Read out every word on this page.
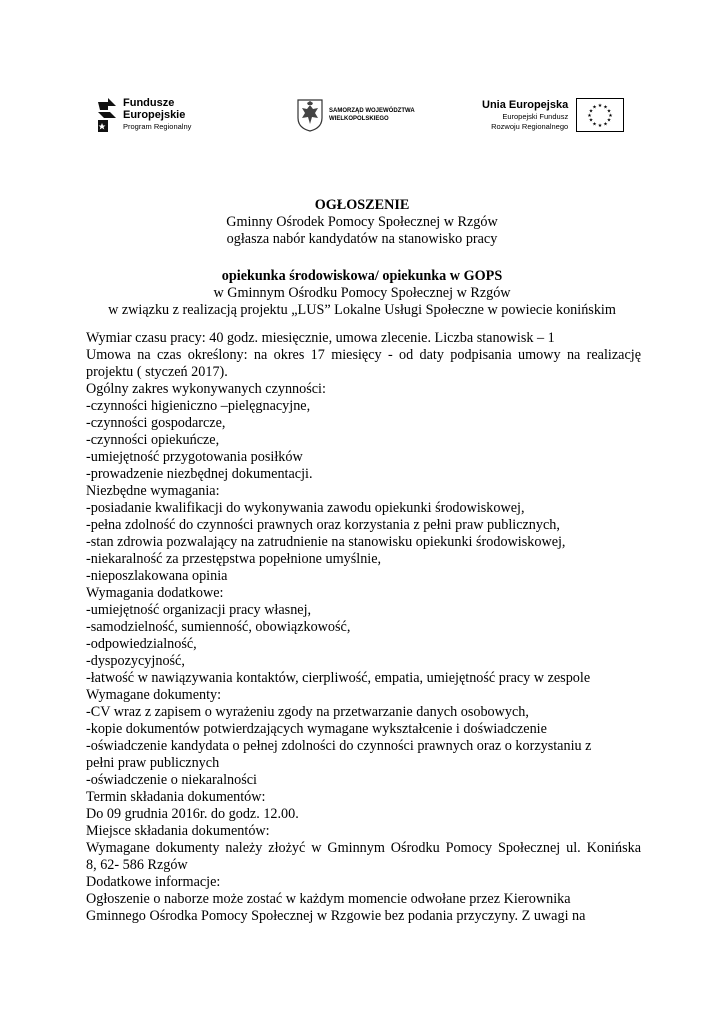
Fundusze
Europejskie
Program Regionalny
SAMORZĄD WOJEWÓDZTWA
WIELKOPOLSKIEGO
Unia Europejska
Europejski Fundusz
Rozwoju Regionalnego
★ ★
★
★
★
★
★
★
★
★
★
★
OGŁOSZENIE
Gminny Ośrodek Pomocy Społecznej w Rzgów
ogłasza nabór kandydatów na stanowisko pracy
opiekunka środowiskowa/ opiekunka w GOPS
w Gminnym Ośrodku Pomocy Społecznej w Rzgów
w związku z realizacją projektu „LUS” Lokalne Usługi Społeczne w powiecie konińskim
Wymiar czasu pracy: 40 godz. miesięcznie, umowa zlecenie. Liczba stanowisk – 1
Umowa na czas określony: na okres 17 miesięcy - od daty podpisania umowy na realizację
projektu ( styczeń 2017).
Ogólny zakres wykonywanych czynności:
-czynności higieniczno –pielęgnacyjne,
-czynności gospodarcze,
-czynności opiekuńcze,
-umiejętność przygotowania posiłków
-prowadzenie niezbędnej dokumentacji.
Niezbędne wymagania:
-posiadanie kwalifikacji do wykonywania zawodu opiekunki środowiskowej,
-pełna zdolność do czynności prawnych oraz korzystania z pełni praw publicznych,
-stan zdrowia pozwalający na zatrudnienie na stanowisku opiekunki środowiskowej,
-niekaralność za przestępstwa popełnione umyślnie,
-nieposzlakowana opinia
Wymagania dodatkowe:
-umiejętność organizacji pracy własnej,
-samodzielność, sumienność, obowiązkowość,
-odpowiedzialność,
-dyspozycyjność,
-łatwość w nawiązywania kontaktów, cierpliwość, empatia, umiejętność pracy w zespole
Wymagane dokumenty:
-CV wraz z zapisem o wyrażeniu zgody na przetwarzanie danych osobowych,
-kopie dokumentów potwierdzających wymagane wykształcenie i doświadczenie
-oświadczenie kandydata o pełnej zdolności do czynności prawnych oraz o korzystaniu z
pełni praw publicznych
-oświadczenie o niekaralności
Termin składania dokumentów:
Do 09 grudnia 2016r. do godz. 12.00.
Miejsce składania dokumentów:
Wymagane dokumenty należy złożyć w Gminnym Ośrodku Pomocy Społecznej ul. Konińska
8, 62- 586 Rzgów
Dodatkowe informacje:
Ogłoszenie o naborze może zostać w każdym momencie odwołane przez Kierownika
Gminnego Ośrodka Pomocy Społecznej w Rzgowie bez podania przyczyny. Z uwagi na
